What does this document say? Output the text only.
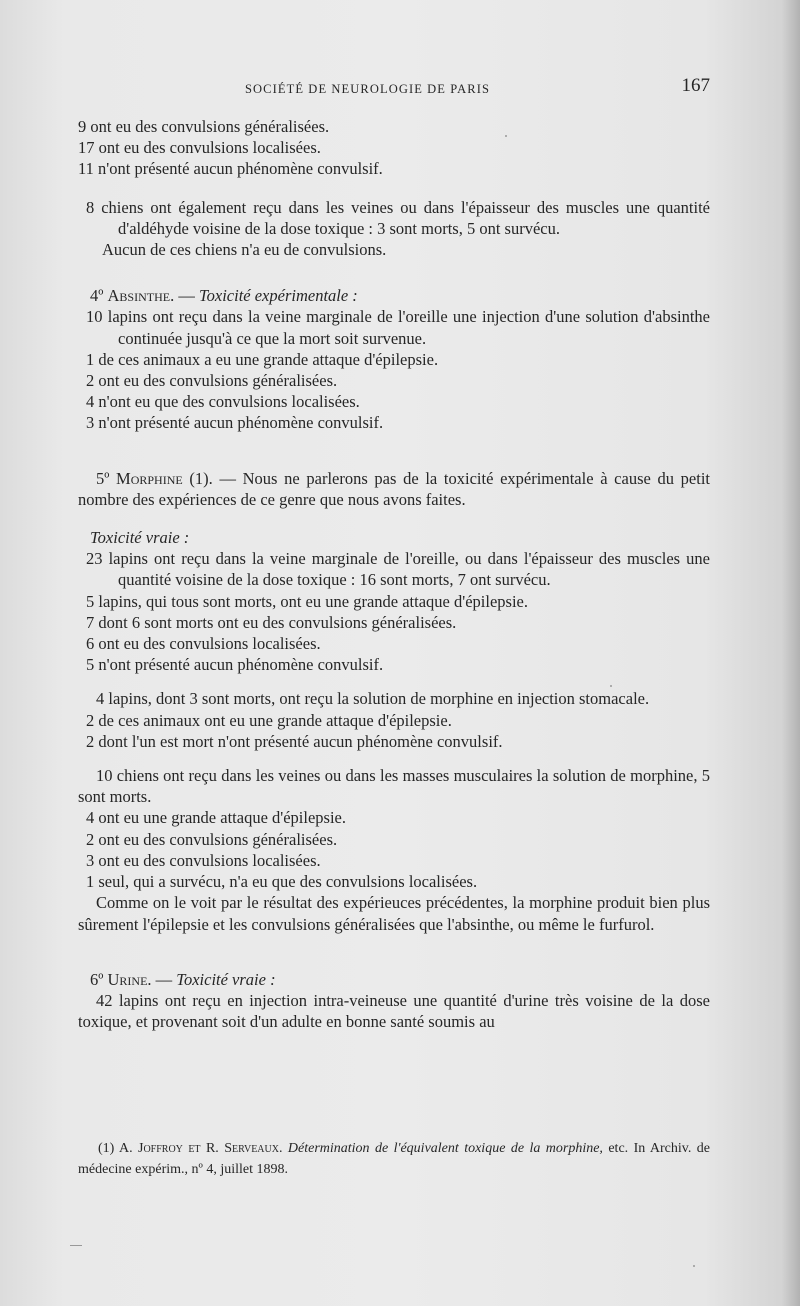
SOCIÉTÉ DE NEUROLOGIE DE PARIS	167
9 ont eu des convulsions généralisées.
17 ont eu des convulsions localisées.
11 n'ont présenté aucun phénomène convulsif.
8 chiens ont également reçu dans les veines ou dans l'épaisseur des muscles une quantité d'aldéhyde voisine de la dose toxique : 3 sont morts, 5 ont survécu.
Aucun de ces chiens n'a eu de convulsions.
4º Absinthe. — Toxicité expérimentale :
10 lapins ont reçu dans la veine marginale de l'oreille une injection d'une solution d'absinthe continuée jusqu'à ce que la mort soit survenue.
1 de ces animaux a eu une grande attaque d'épilepsie.
2 ont eu des convulsions généralisées.
4 n'ont eu que des convulsions localisées.
3 n'ont présenté aucun phénomène convulsif.
5º Morphine (1). — Nous ne parlerons pas de la toxicité expérimentale à cause du petit nombre des expériences de ce genre que nous avons faites.
Toxicité vraie :
23 lapins ont reçu dans la veine marginale de l'oreille, ou dans l'épaisseur des muscles une quantité voisine de la dose toxique : 16 sont morts, 7 ont survécu.
5 lapins, qui tous sont morts, ont eu une grande attaque d'épilepsie.
7 dont 6 sont morts ont eu des convulsions généralisées.
6 ont eu des convulsions localisées.
5 n'ont présenté aucun phénomène convulsif.
4 lapins, dont 3 sont morts, ont reçu la solution de morphine en injection stomacale.
2 de ces animaux ont eu une grande attaque d'épilepsie.
2 dont l'un est mort n'ont présenté aucun phénomène convulsif.
10 chiens ont reçu dans les veines ou dans les masses musculaires la solution de morphine, 5 sont morts.
4 ont eu une grande attaque d'épilepsie.
2 ont eu des convulsions généralisées.
3 ont eu des convulsions localisées.
1 seul, qui a survécu, n'a eu que des convulsions localisées.
Comme on le voit par le résultat des expérieuces précédentes, la morphine produit bien plus sûrement l'épilepsie et les convulsions généralisées que l'absinthe, ou même le furfurol.
6º Urine. — Toxicité vraie :
42 lapins ont reçu en injection intra-veineuse une quantité d'urine très voisine de la dose toxique, et provenant soit d'un adulte en bonne santé soumis au
(1) A. Joffroy et R. Serveaux. Détermination de l'équivalent toxique de la morphine, etc. In Archiv. de médecine expérim., nº 4, juillet 1898.
